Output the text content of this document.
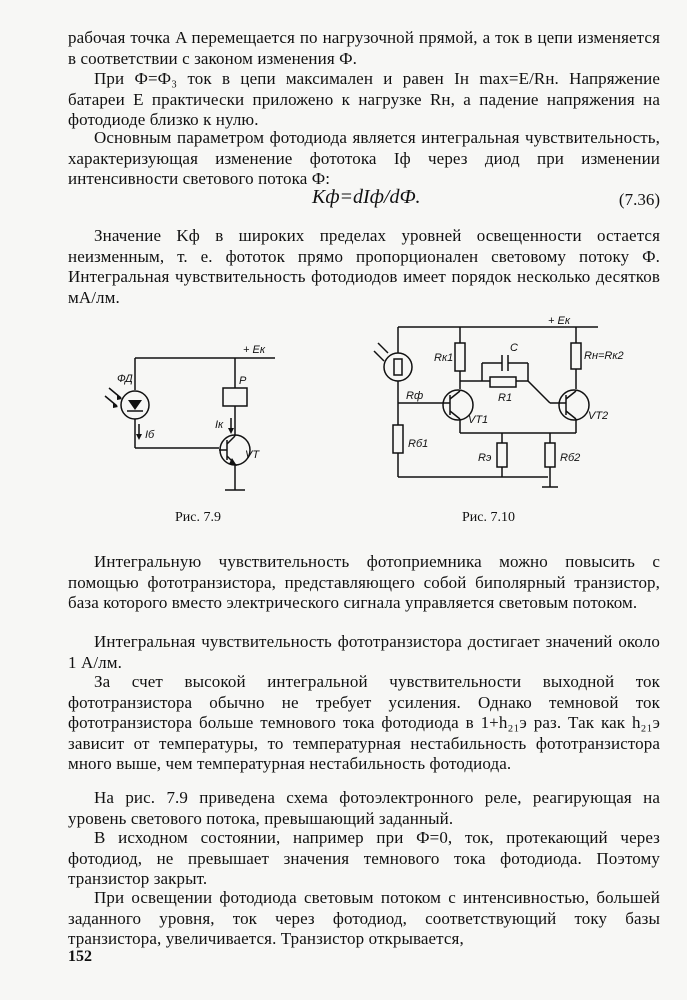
рабочая точка A перемещается по нагрузочной прямой, а ток в цепи изменяется в соответствии с законом изменения Ф.
При Ф=Ф₃ ток в цепи максимален и равен Iн max=E/Rн. Напряжение батареи E практически приложено к нагрузке Rн, а падение напряжения на фотодиоде близко к нулю.
Основным параметром фотодиода является интегральная чувствительность, характеризующая изменение фототока Iф через диод при изменении интенсивности светового потока Ф:
Kф=dIф/dФ.	(7.36)
Значение Kф в широких пределах уровней освещенности остается неизменным, т. е. фототок прямо пропорционален световому потоку Ф. Интегральная чувствительность фотодиодов имеет порядок несколько десятков мА/лм.
+ Eк
ФД
Iб
Р
Iк
VT
Рис. 7.9
+ Eк
Rф
Rб1
Rк1
VT1
C
R1
Rэ	Rб2
Rн=Rк2
VT2
Рис. 7.10
Интегральную чувствительность фотоприемника можно повысить с помощью фототранзистора, представляющего собой биполярный транзистор, база которого вместо электрического сигнала управляется световым потоком.
Интегральная чувствительность фототранзистора достигает значений около 1 А/лм.
За счет высокой интегральной чувствительности выходной ток фототранзистора обычно не требует усиления. Однако темновой ток фототранзистора больше темнового тока фотодиода в 1+h₂₁э раз. Так как h₂₁э зависит от температуры, то температурная нестабильность фототранзистора много выше, чем температурная нестабильность фотодиода.
На рис. 7.9 приведена схема фотоэлектронного реле, реагирующая на уровень светового потока, превышающий заданный.
В исходном состоянии, например при Ф=0, ток, протекающий через фотодиод, не превышает значения темнового тока фотодиода. Поэтому транзистор закрыт.
При освещении фотодиода световым потоком с интенсивностью, большей заданного уровня, ток через фотодиод, соответствующий току базы транзистора, увеличивается. Транзистор открывается,
152
